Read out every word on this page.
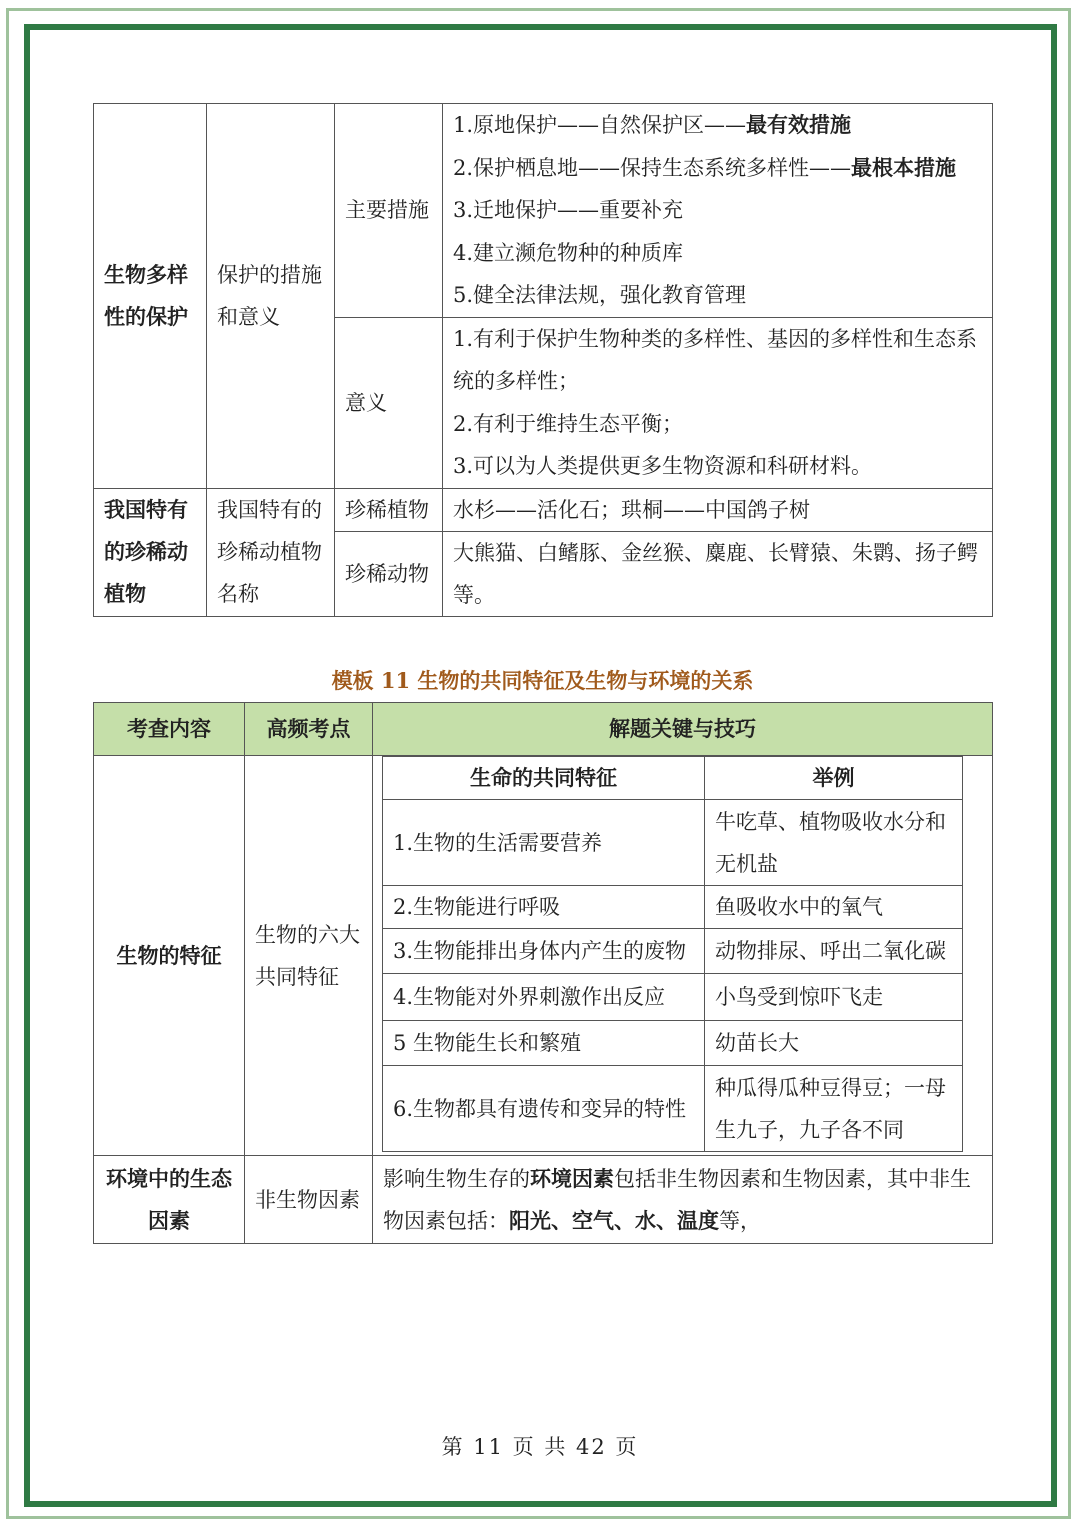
生物多样性的保护	保护的措施和意义	主要措施	1.原地保护——自然保护区——最有效措施
2.保护栖息地——保持生态系统多样性——最根本措施
3.迁地保护——重要补充
4.建立濒危物种的种质库
5.健全法律法规，强化教育管理

		意义	1.有利于保护生物种类的多样性、基因的多样性和生态系统的多样性；
2.有利于维持生态平衡；
3.可以为人类提供更多生物资源和科研材料。

我国特有的珍稀动植物	我国特有的珍稀动植物名称	珍稀植物	水杉——活化石；珙桐——中国鸽子树
		珍稀动物	大熊猫、白鳍豚、金丝猴、麋鹿、长臂猿、朱鹮、扬子鳄等。
模板 11 生物的共同特征及生物与环境的关系
考查内容	高频考点	解题关键与技巧
生物的特征	生物的六大共同特征	
生命的共同特征	举例
1.生物的生活需要营养	牛吃草、植物吸收水分和无机盐
2.生物能进行呼吸	鱼吸收水中的氧气
3.生物能排出身体内产生的废物	动物排尿、呼出二氧化碳
4.生物能对外界刺激作出反应	小鸟受到惊吓飞走
5 生物能生长和繁殖	幼苗长大
6.生物都具有遗传和变异的特性	种瓜得瓜种豆得豆；一母生九子，九子各不同

环境中的生态因素	非生物因素	影响生物生存的环境因素包括非生物因素和生物因素，其中非生物因素包括：阳光、空气、水、温度等，
第 11 页 共 42 页
